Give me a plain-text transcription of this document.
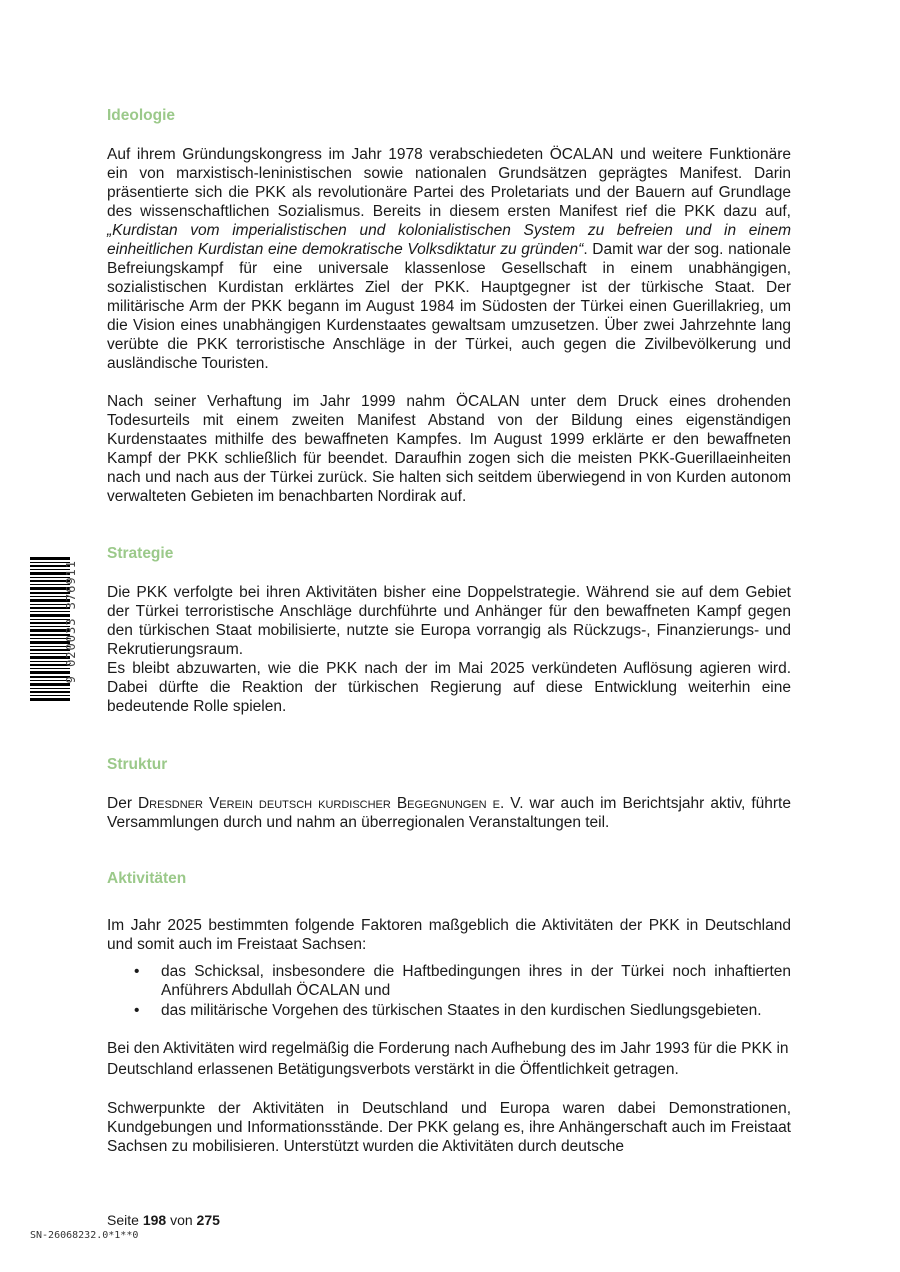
Ideologie

Auf ihrem Gründungskongress im Jahr 1978 verabschiedeten ÖCALAN und weitere Funktionäre ein von marxistisch-leninistischen sowie nationalen Grundsätzen geprägtes Manifest. Darin präsentierte sich die PKK als revolutionäre Partei des Proletariats und der Bauern auf Grundlage des wissenschaftlichen Sozialismus. Bereits in diesem ersten Manifest rief die PKK dazu auf, „Kurdistan vom imperialistischen und kolonialistischen System zu befreien und in einem einheitlichen Kurdistan eine demokratische Volksdiktatur zu gründen“. Damit war der sog. nationale Befreiungskampf für eine universale klassenlose Gesellschaft in einem unabhängigen, sozialistischen Kurdistan erklärtes Ziel der PKK. Hauptgegner ist der türkische Staat. Der militärische Arm der PKK begann im August 1984 im Südosten der Türkei einen Guerillakrieg, um die Vision eines unabhängigen Kurdenstaates gewaltsam umzusetzen. Über zwei Jahrzehnte lang verübte die PKK terroristische Anschläge in der Türkei, auch gegen die Zivilbevölkerung und ausländische Touristen.

Nach seiner Verhaftung im Jahr 1999 nahm ÖCALAN unter dem Druck eines drohenden Todesurteils mit einem zweiten Manifest Abstand von der Bildung eines eigenständigen Kurdenstaates mithilfe des bewaffneten Kampfes. Im August 1999 erklärte er den bewaffneten Kampf der PKK schließlich für beendet. Daraufhin zogen sich die meisten PKK-Guerillaeinheiten nach und nach aus der Türkei zurück. Sie halten sich seitdem überwiegend in von Kurden autonom verwalteten Gebieten im benachbarten Nordirak auf.

Strategie

Die PKK verfolgte bei ihren Aktivitäten bisher eine Doppelstrategie. Während sie auf dem Gebiet der Türkei terroristische Anschläge durchführte und Anhänger für den bewaffneten Kampf gegen den türkischen Staat mobilisierte, nutzte sie Europa vorrangig als Rückzugs-, Finanzierungs- und Rekrutierungsraum.

Es bleibt abzuwarten, wie die PKK nach der im Mai 2025 verkündeten Auflösung agieren wird. Dabei dürfte die Reaktion der türkischen Regierung auf diese Entwicklung weiterhin eine bedeutende Rolle spielen.

Struktur

Der Dresdner Verein deutsch kurdischer Begegnungen e. V. war auch im Berichtsjahr aktiv, führte Versammlungen durch und nahm an überregionalen Veranstaltungen teil.

Aktivitäten

Im Jahr 2025 bestimmten folgende Faktoren maßgeblich die Aktivitäten der PKK in Deutschland und somit auch im Freistaat Sachsen:

• das Schicksal, insbesondere die Haftbedingungen ihres in der Türkei noch inhaftierten Anführers Abdullah ÖCALAN und
• das militärische Vorgehen des türkischen Staates in den kurdischen Siedlungsgebieten.

Bei den Aktivitäten wird regelmäßig die Forderung nach Aufhebung des im Jahr 1993 für die PKK in Deutschland erlassenen Betätigungsverbots verstärkt in die Öffentlichkeit getragen.

Schwerpunkte der Aktivitäten in Deutschland und Europa waren dabei Demonstrationen, Kundgebungen und Informationsstände. Der PKK gelang es, ihre Anhängerschaft auch im Freistaat Sachsen zu mobilisieren. Unterstützt wurden die Aktivitäten durch deutsche

9 020033 376911
Seite 198 von 275
SN-26068232.0*1**0
